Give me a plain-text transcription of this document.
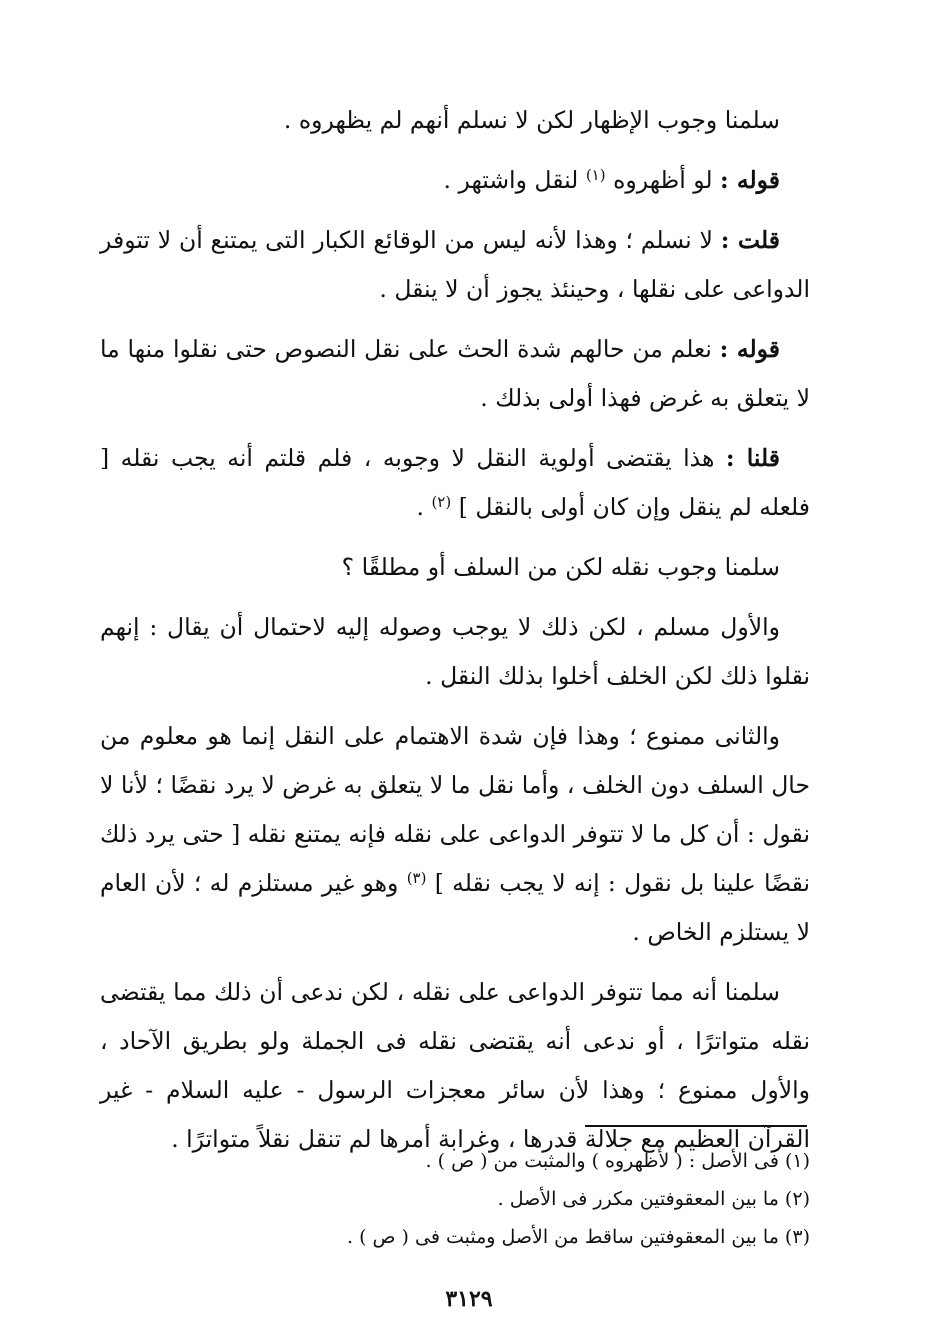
سلمنا وجوب الإظهار لكن لا نسلم أنهم لم يظهروه .

قوله : لو أظهروه $^{(١)}$ لنقل واشتهر .

قلت : لا نسلم ؛ وهذا لأنه ليس من الوقائع الكبار التى يمتنع أن لا تتوفر الدواعى على نقلها ، وحينئذ يجوز أن لا ينقل .

قوله : نعلم من حالهم شدة الحث على نقل النصوص حتى نقلوا منها ما لا يتعلق به غرض فهذا أولى بذلك .

قلنا : هذا يقتضى أولوية النقل لا وجوبه ، فلم قلتم أنه يجب نقله [ فلعله لم ينقل وإن كان أولى بالنقل ] $^{(٢)}$ .

سلمنا وجوب نقله لكن من السلف أو مطلقًا ؟

والأول مسلم ، لكن ذلك لا يوجب وصوله إليه لاحتمال أن يقال : إنهم نقلوا ذلك لكن الخلف أخلوا بذلك النقل .

والثانى ممنوع ؛ وهذا فإن شدة الاهتمام على النقل إنما هو معلوم من حال السلف دون الخلف ، وأما نقل ما لا يتعلق به غرض لا يرد نقضًا ؛ لأنا لا نقول : أن كل ما لا تتوفر الدواعى على نقله فإنه يمتنع نقله [ حتى يرد ذلك نقضًا علينا بل نقول : إنه لا يجب نقله ] $^{(٣)}$ وهو غير مستلزم له ؛ لأن العام لا يستلزم الخاص .

سلمنا أنه مما تتوفر الدواعى على نقله ، لكن ندعى أن ذلك مما يقتضى نقله متواترًا ، أو ندعى أنه يقتضى نقله فى الجملة ولو بطريق الآحاد ، والأول ممنوع ؛ وهذا لأن سائر معجزات الرسول - عليه السلام - غير القرآن العظيم مع جلالة قدرها ، وغرابة أمرها لم تنقل نقلاً متواترًا .

(١) فى الأصل : ( لأظهروه ) والمثبت من ( ص ) .

(٢) ما بين المعقوفتين مكرر فى الأصل .

(٣) ما بين المعقوفتين ساقط من الأصل ومثبت فى ( ص ) .

٣١٢٩
